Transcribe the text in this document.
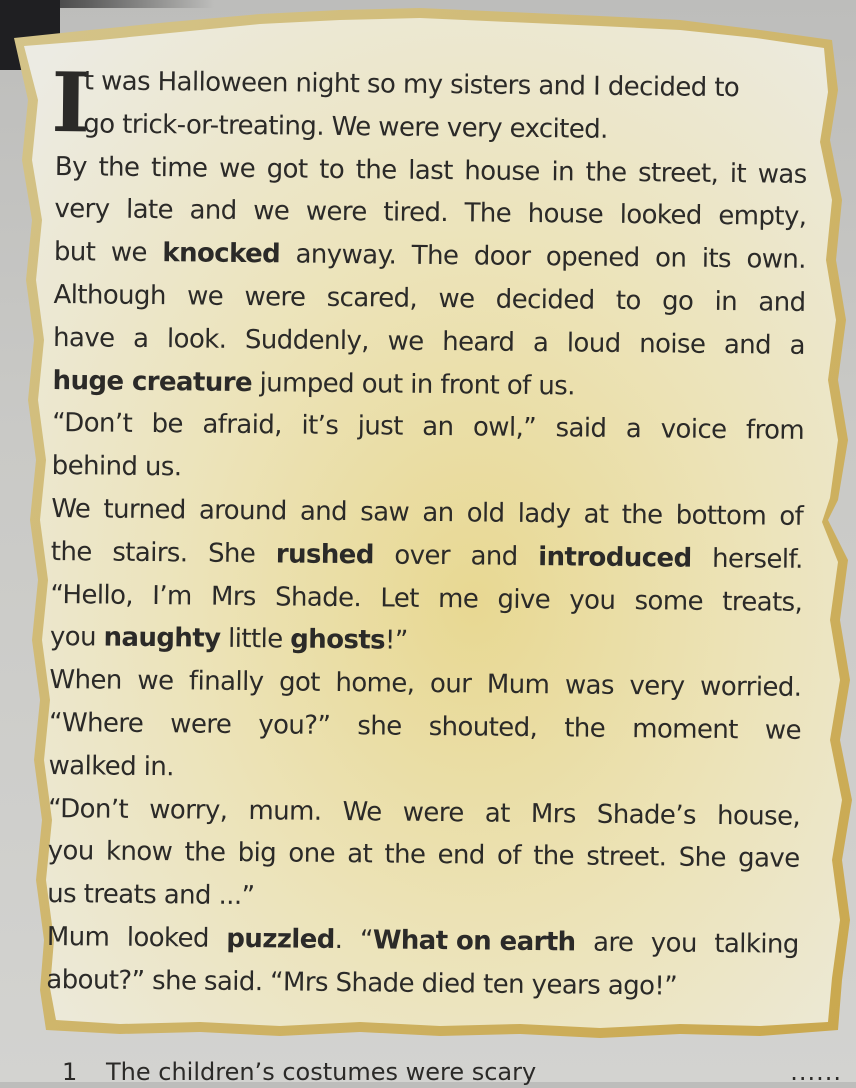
I
t was Halloween night so my sisters and I decided to
go trick-or-treating. We were very excited.
By the time we got to the last house in the street, it was
very late and we were tired. The house looked empty,
but we knocked anyway. The door opened on its own.
Although we were scared, we decided to go in and
have a look. Suddenly, we heard a loud noise and a
huge creature jumped out in front of us.
“Don’t be afraid, it’s just an owl,” said a voice from
behind us.
We turned around and saw an old lady at the bottom of
the stairs. She rushed over and introduced herself.
“Hello, I’m Mrs Shade. Let me give you some treats,
you naughty little ghosts!”
When we finally got home, our Mum was very worried.
“Where were you?” she shouted, the moment we
walked in.
“Don’t worry, mum. We were at Mrs Shade’s house,
you know the big one at the end of the street. She gave
us treats and ...”
Mum looked puzzled. “What on earth are you talking
about?” she said. “Mrs Shade died ten years ago!”
1 The children’s costumes were scary	......
